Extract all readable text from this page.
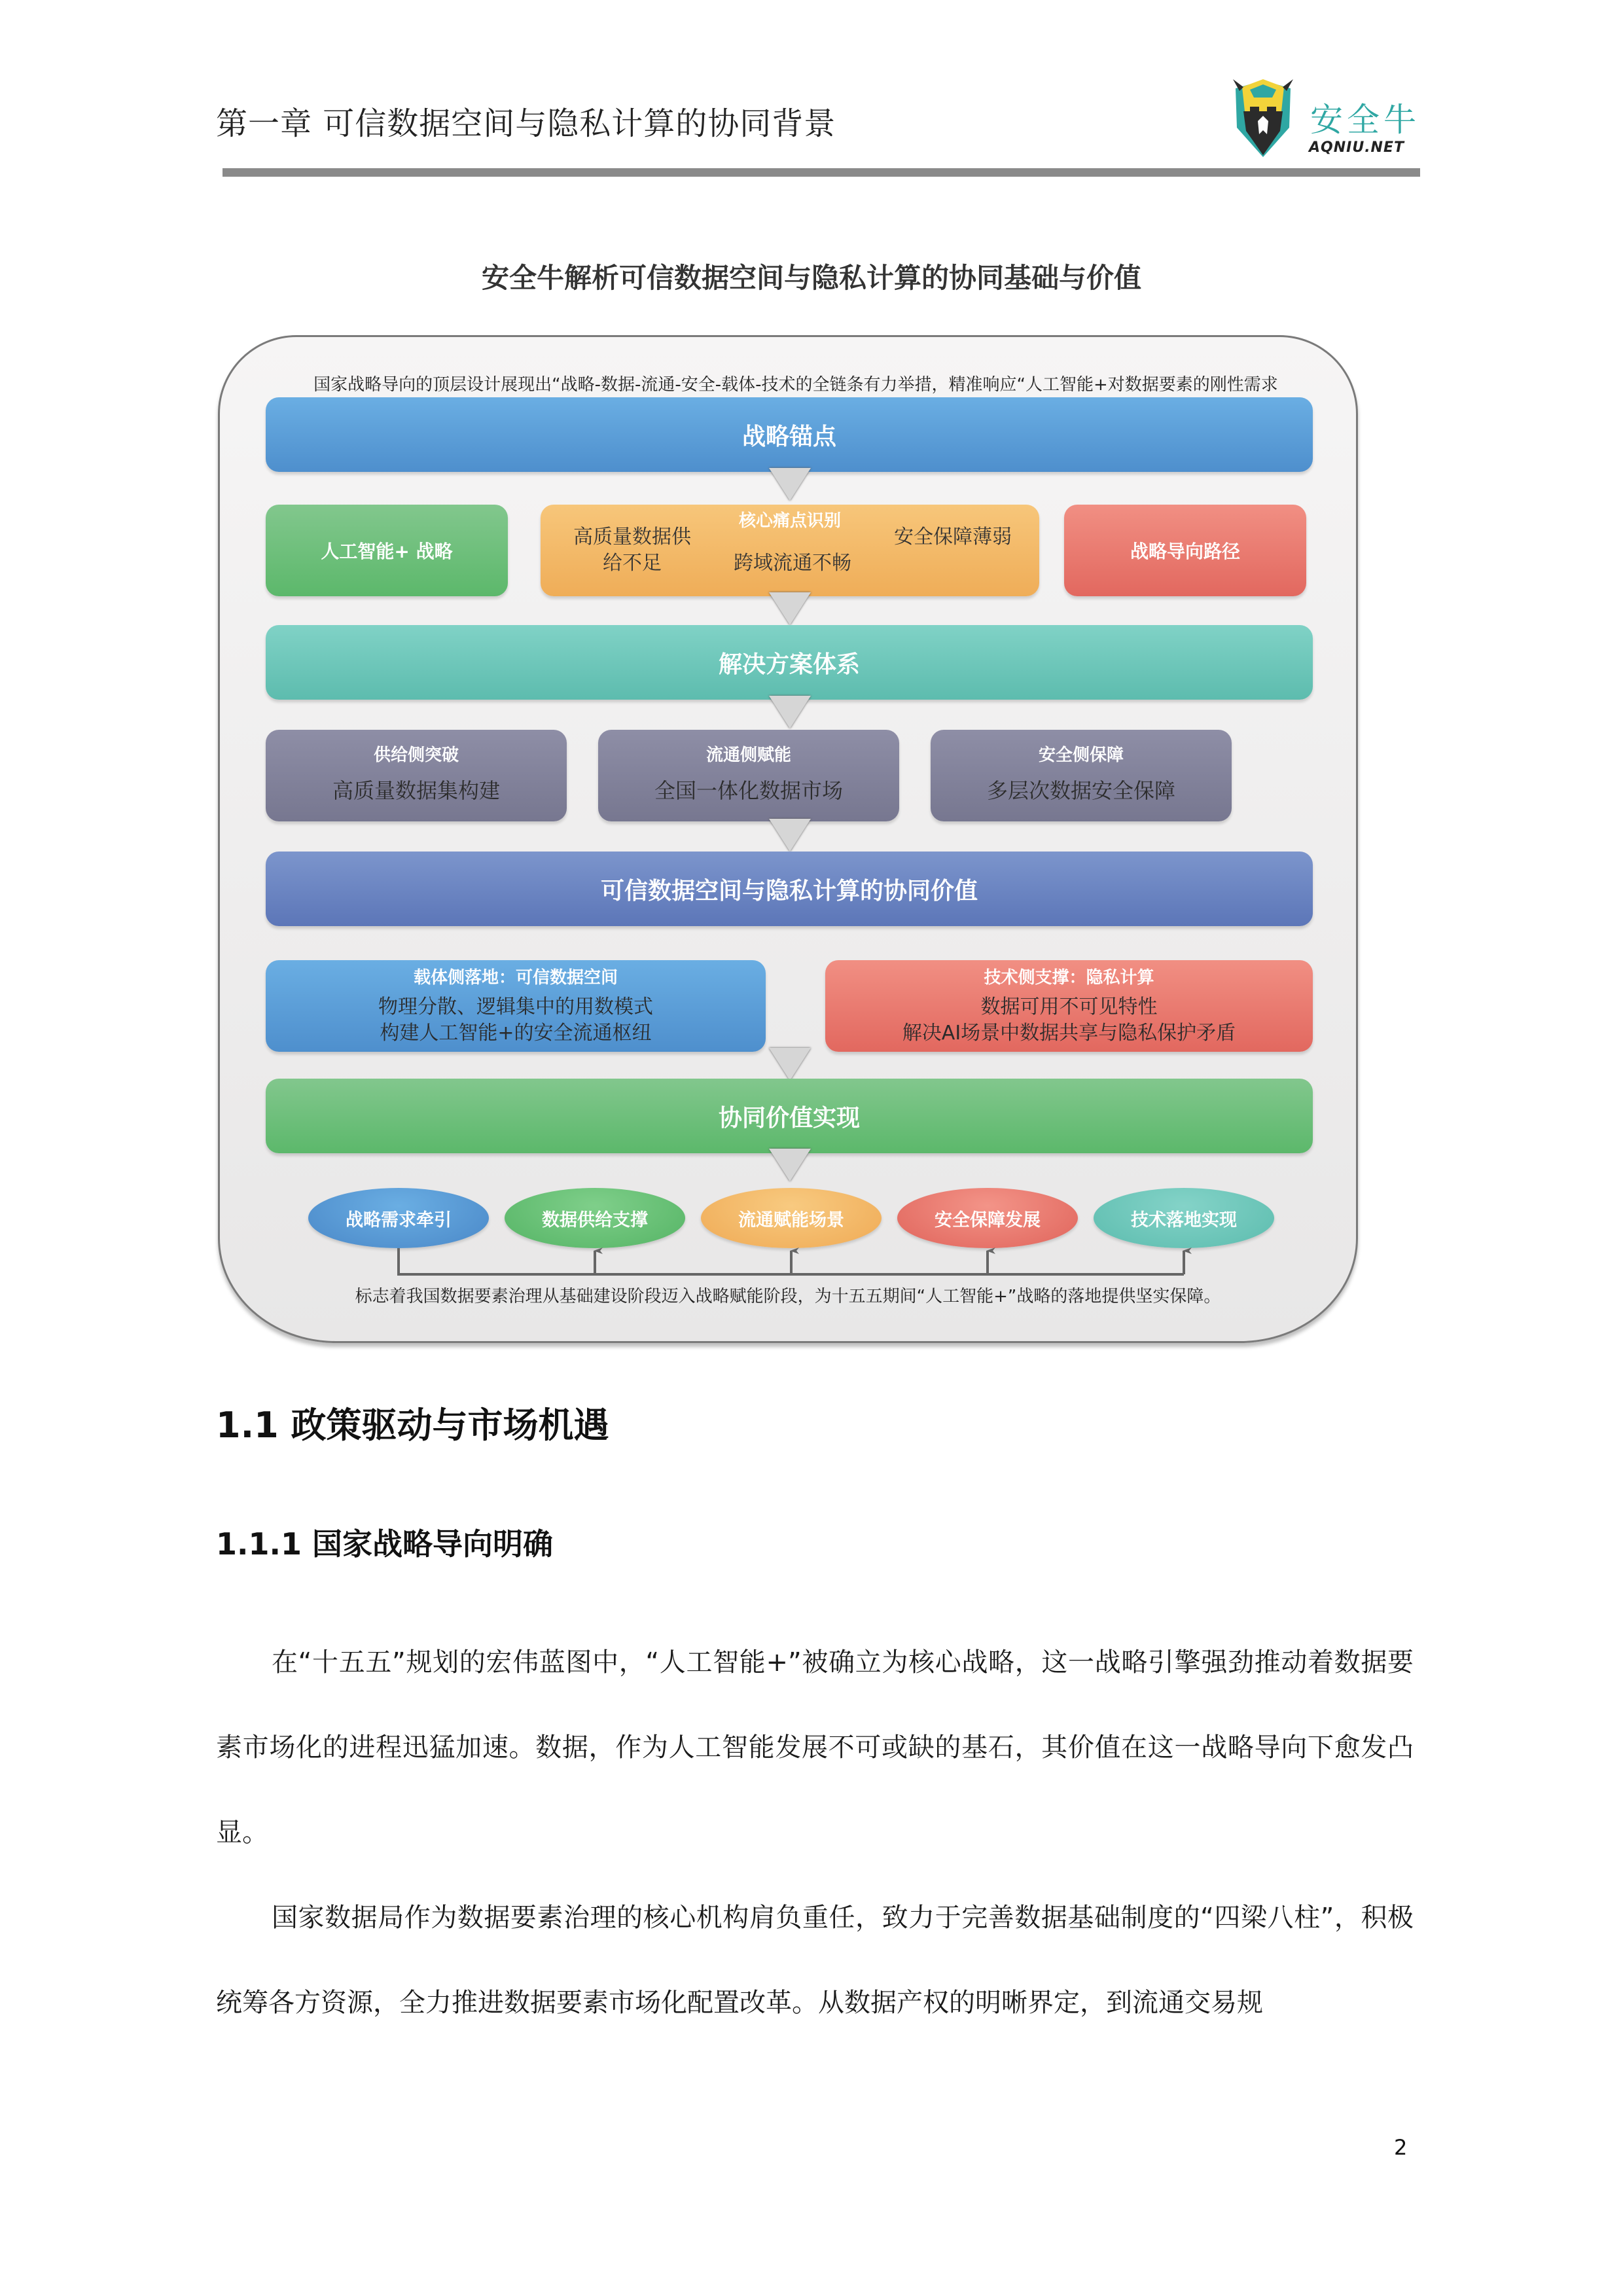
第一章 可信数据空间与隐私计算的协同背景	安全牛
AQNIU.NET
安全牛解析可信数据空间与隐私计算的协同基础与价值
国家战略导向的顶层设计展现出“战略-数据-流通-安全-载体-技术的全链条有力举措，精准响应“人工智能+对数据要素的刚性需求
战略锚点
人工智能+ 战略
核心痛点识别
高质量数据供给不足	跨域流通不畅
安全保障薄弱
战略导向路径
解决方案体系
供给侧突破
高质量数据集构建
流通侧赋能
全国一体化数据市场
安全侧保障
多层次数据安全保障
可信数据空间与隐私计算的协同价值
载体侧落地：可信数据空间
物理分散、逻辑集中的用数模式
构建人工智能+的安全流通枢纽
技术侧支撑：隐私计算
数据可用不可见特性
解决AI场景中数据共享与隐私保护矛盾
协同价值实现
战略需求牵引	数据供给支撑	流通赋能场景	安全保障发展	技术落地实现
标志着我国数据要素治理从基础建设阶段迈入战略赋能阶段，为十五五期间“人工智能+”战略的落地提供坚实保障。
1.1 政策驱动与市场机遇
1.1.1 国家战略导向明确

在“十五五”规划的宏伟蓝图中，“人工智能+”被确立为核心战略，这一战略引擎强劲推动着数据要素市场化的进程迅猛加速。数据，作为人工智能发展不可或缺的基石，其价值在这一战略导向下愈发凸显。

国家数据局作为数据要素治理的核心机构肩负重任，致力于完善数据基础制度的“四梁八柱”，积极统筹各方资源，全力推进数据要素市场化配置改革。从数据产权的明晰界定，到流通交易规

2
